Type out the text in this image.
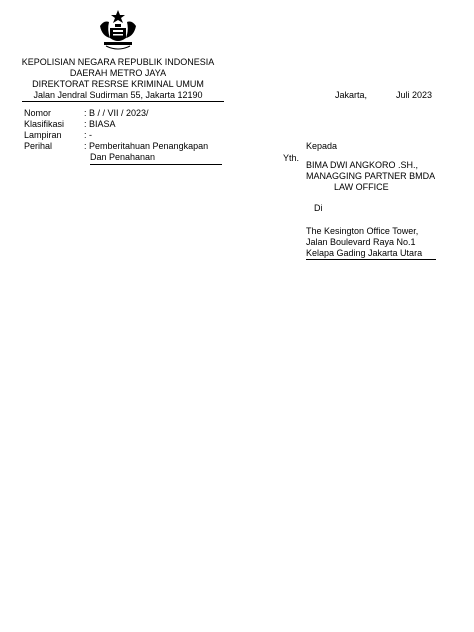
KEPOLISIAN NEGARA REPUBLIK INDONESIA
DAERAH METRO JAYA
DIREKTORAT RESRSE KRIMINAL UMUM
Jalan Jendral Sudirman 55, Jakarta 12190	Jakarta,	Juli 2023
Nomor	: B / / VII / 2023/
Klasifikasi : BIASA
Lampiran : -
Perihal	: Pemberitahuan Penangkapan
Dan Penahanan
Kepada
Yth.
BIMA DWI ANGKORO .SH.,
MANAGGING PARTNER BMDA
LAW OFFICE
Di
The Kesington Office Tower,
Jalan Boulevard Raya No.1
Kelapa Gading Jakarta Utara
